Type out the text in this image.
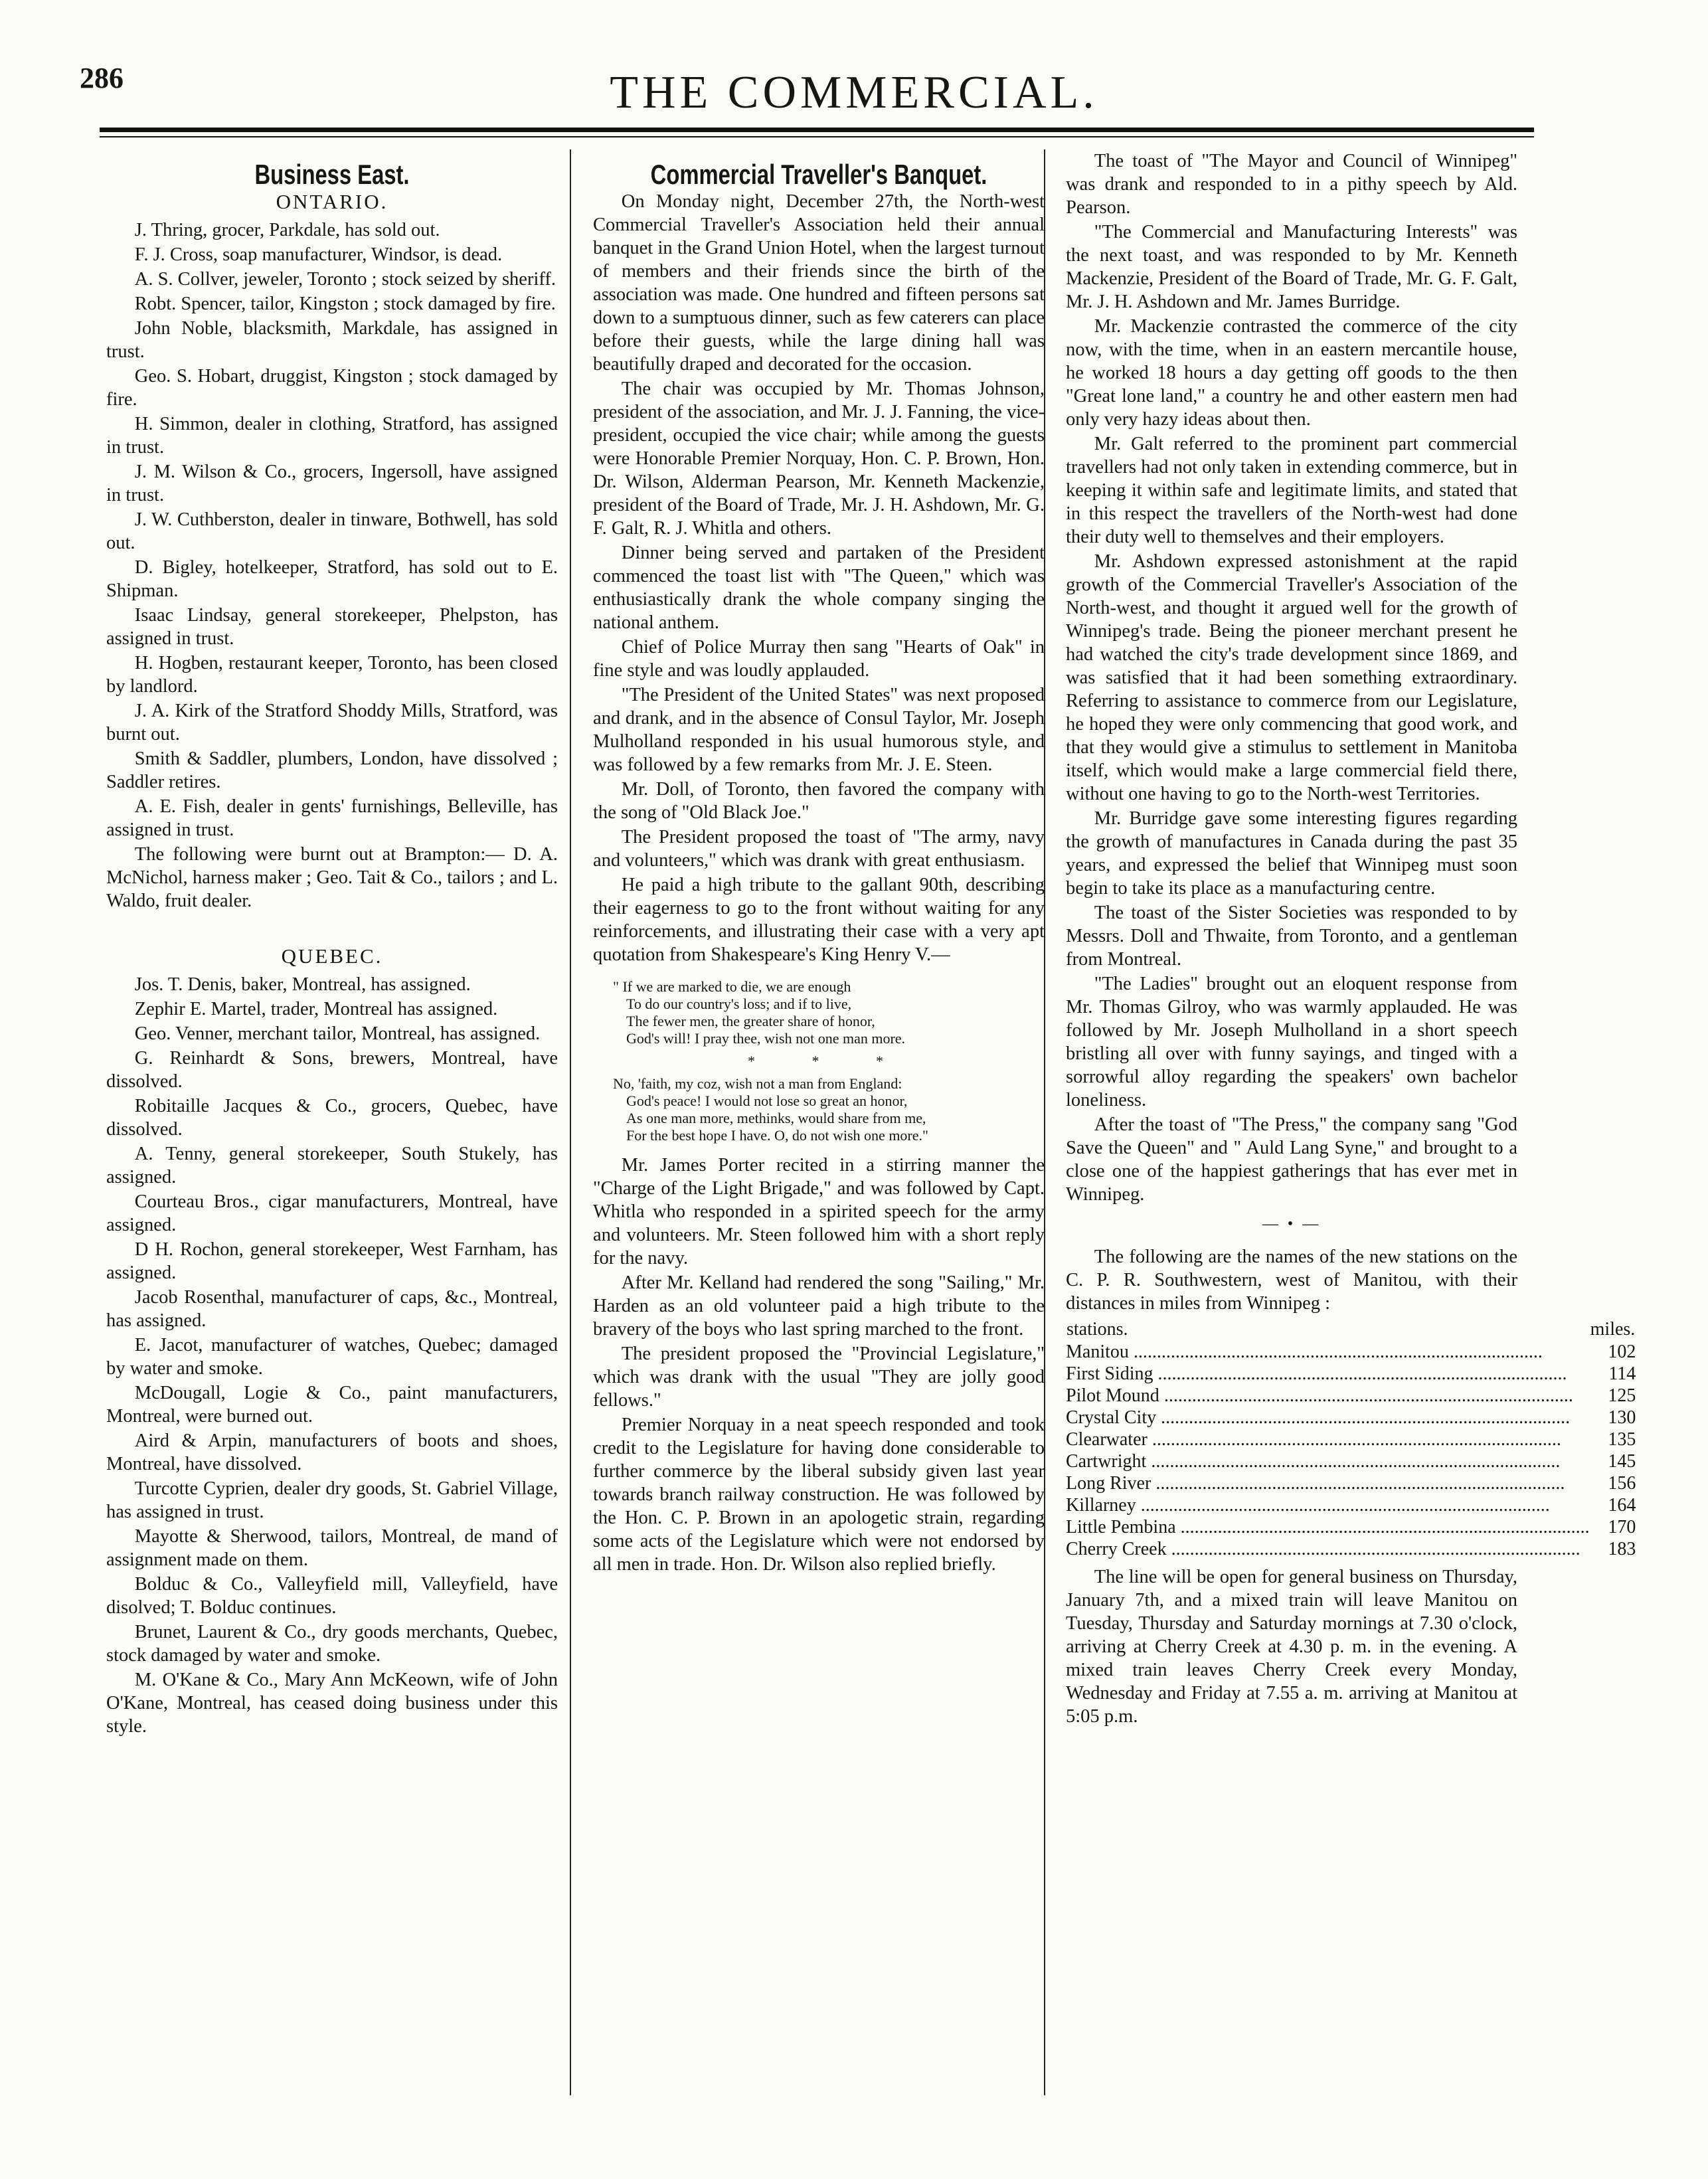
286	THE COMMERCIAL.
Business East.
ONTARIO.

J. Thring, grocer, Parkdale, has sold out.

F. J. Cross, soap manufacturer, Windsor, is dead.

A. S. Collver, jeweler, Toronto ; stock seized by sheriff.

Robt. Spencer, tailor, Kingston ; stock damaged by fire.

John Noble, blacksmith, Markdale, has assigned in trust.

Geo. S. Hobart, druggist, Kingston ; stock damaged by fire.

H. Simmon, dealer in clothing, Stratford, has assigned in trust.

J. M. Wilson & Co., grocers, Ingersoll, have assigned in trust.

J. W. Cuthberston, dealer in tinware, Bothwell, has sold out.

D. Bigley, hotelkeeper, Stratford, has sold out to E. Shipman.

Isaac Lindsay, general storekeeper, Phelpston, has assigned in trust.

H. Hogben, restaurant keeper, Toronto, has been closed by landlord.

J. A. Kirk of the Stratford Shoddy Mills, Stratford, was burnt out.

Smith & Saddler, plumbers, London, have dissolved ; Saddler retires.

A. E. Fish, dealer in gents' furnishings, Belleville, has assigned in trust.

The following were burnt out at Brampton:— D. A. McNichol, harness maker ; Geo. Tait & Co., tailors ; and L. Waldo, fruit dealer.

QUEBEC.

Jos. T. Denis, baker, Montreal, has assigned.

Zephir E. Martel, trader, Montreal has assigned.

Geo. Venner, merchant tailor, Montreal, has assigned.

G. Reinhardt & Sons, brewers, Montreal, have dissolved.

Robitaille Jacques & Co., grocers, Quebec, have dissolved.

A. Tenny, general storekeeper, South Stukely, has assigned.

Courteau Bros., cigar manufacturers, Montreal, have assigned.

D H. Rochon, general storekeeper, West Farnham, has assigned.

Jacob Rosenthal, manufacturer of caps, &c., Montreal, has assigned.

E. Jacot, manufacturer of watches, Quebec; damaged by water and smoke.

McDougall, Logie & Co., paint manufacturers, Montreal, were burned out.

Aird & Arpin, manufacturers of boots and shoes, Montreal, have dissolved.

Turcotte Cyprien, dealer dry goods, St. Gabriel Village, has assigned in trust.

Mayotte & Sherwood, tailors, Montreal, de mand of assignment made on them.

Bolduc & Co., Valleyfield mill, Valleyfield, have disolved; T. Bolduc continues.

Brunet, Laurent & Co., dry goods merchants, Quebec, stock damaged by water and smoke.

M. O'Kane & Co., Mary Ann McKeown, wife of John O'Kane, Montreal, has ceased doing business under this style.

Commercial Traveller's Banquet.

On Monday night, December 27th, the North-west Commercial Traveller's Association held their annual banquet in the Grand Union Hotel, when the largest turnout of members and their friends since the birth of the association was made. One hundred and fifteen persons sat down to a sumptuous dinner, such as few caterers can place before their guests, while the large dining hall was beautifully draped and decorated for the occasion.

The chair was occupied by Mr. Thomas Johnson, president of the association, and Mr. J. J. Fanning, the vice-president, occupied the vice chair; while among the guests were Honorable Premier Norquay, Hon. C. P. Brown, Hon. Dr. Wilson, Alderman Pearson, Mr. Kenneth Mackenzie, president of the Board of Trade, Mr. J. H. Ashdown, Mr. G. F. Galt, R. J. Whitla and others.

Dinner being served and partaken of the President commenced the toast list with "The Queen," which was enthusiastically drank the whole company singing the national anthem.

Chief of Police Murray then sang "Hearts of Oak" in fine style and was loudly applauded.

"The President of the United States" was next proposed and drank, and in the absence of Consul Taylor, Mr. Joseph Mulholland responded in his usual humorous style, and was followed by a few remarks from Mr. J. E. Steen.

Mr. Doll, of Toronto, then favored the company with the song of "Old Black Joe."

The President proposed the toast of "The army, navy and volunteers," which was drank with great enthusiasm.

He paid a high tribute to the gallant 90th, describing their eagerness to go to the front without waiting for any reinforcements, and illustrating their case with a very apt quotation from Shakespeare's King Henry V.—

" If we are marked to die, we are enough
To do our country's loss; and if to live,
The fewer men, the greater share of honor,
God's will! I pray thee, wish not one man more.
* * *
No, 'faith, my coz, wish not a man from England:
God's peace! I would not lose so great an honor,
As one man more, methinks, would share from me,
For the best hope I have. O, do not wish one more."

Mr. James Porter recited in a stirring manner the "Charge of the Light Brigade," and was followed by Capt. Whitla who responded in a spirited speech for the army and volunteers. Mr. Steen followed him with a short reply for the navy.

After Mr. Kelland had rendered the song "Sailing," Mr. Harden as an old volunteer paid a high tribute to the bravery of the boys who last spring marched to the front.

The president proposed the "Provincial Legislature," which was drank with the usual "They are jolly good fellows."

Premier Norquay in a neat speech responded and took credit to the Legislature for having done considerable to further commerce by the liberal subsidy given last year towards branch railway construction. He was followed by the Hon. C. P. Brown in an apologetic strain, regarding some acts of the Legislature which were not endorsed by all men in trade. Hon. Dr. Wilson also replied briefly.

The toast of "The Mayor and Council of Winnipeg" was drank and responded to in a pithy speech by Ald. Pearson.

"The Commercial and Manufacturing Interests" was the next toast, and was responded to by Mr. Kenneth Mackenzie, President of the Board of Trade, Mr. G. F. Galt, Mr. J. H. Ashdown and Mr. James Burridge.

Mr. Mackenzie contrasted the commerce of the city now, with the time, when in an eastern mercantile house, he worked 18 hours a day getting off goods to the then "Great lone land," a country he and other eastern men had only very hazy ideas about then.

Mr. Galt referred to the prominent part commercial travellers had not only taken in extending commerce, but in keeping it within safe and legitimate limits, and stated that in this respect the travellers of the North-west had done their duty well to themselves and their employers.

Mr. Ashdown expressed astonishment at the rapid growth of the Commercial Traveller's Association of the North-west, and thought it argued well for the growth of Winnipeg's trade. Being the pioneer merchant present he had watched the city's trade development since 1869, and was satisfied that it had been something extraordinary. Referring to assistance to commerce from our Legislature, he hoped they were only commencing that good work, and that they would give a stimulus to settlement in Manitoba itself, which would make a large commercial field there, without one having to go to the North-west Territories.

Mr. Burridge gave some interesting figures regarding the growth of manufactures in Canada during the past 35 years, and expressed the belief that Winnipeg must soon begin to take its place as a manufacturing centre.

The toast of the Sister Societies was responded to by Messrs. Doll and Thwaite, from Toronto, and a gentleman from Montreal.

"The Ladies" brought out an eloquent response from Mr. Thomas Gilroy, who was warmly applauded. He was followed by Mr. Joseph Mulholland in a short speech bristling all over with funny sayings, and tinged with a sorrowful alloy regarding the speakers' own bachelor loneliness.

After the toast of "The Press," the company sang "God Save the Queen" and " Auld Lang Syne," and brought to a close one of the happiest gatherings that has ever met in Winnipeg.

— • —

The following are the names of the new stations on the C. P. R. Southwestern, west of Manitou, with their distances in miles from Winnipeg :

stations.	miles.

Manitou .....	102

First Siding .....	114

Pilot Mound .....	125

Crystal City .....	130

Clearwater .....	135

Cartwright .....	145

Long River .....	156

Killarney .....	164

Little Pembina .....	170

Cherry Creek .....	183

The line will be open for general business on Thursday, January 7th, and a mixed train will leave Manitou on Tuesday, Thursday and Saturday mornings at 7.30 o'clock, arriving at Cherry Creek at 4.30 p. m. in the evening. A mixed train leaves Cherry Creek every Monday, Wednesday and Friday at 7.55 a. m. arriving at Manitou at 5:05 p.m.
